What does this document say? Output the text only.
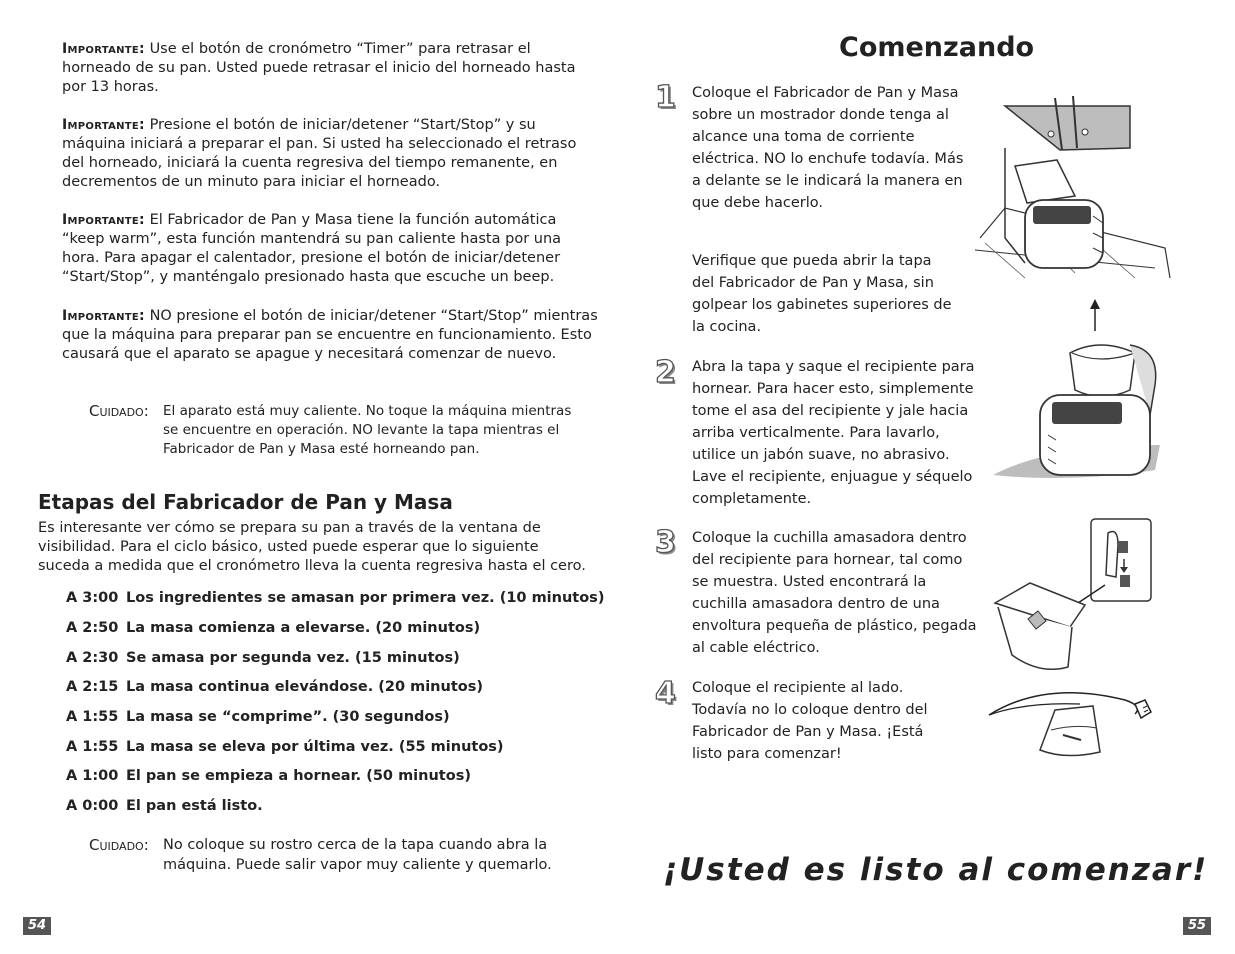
Importante: Use el botón de cronómetro “Timer” para retrasar el horneado de su pan. Usted puede retrasar el inicio del horneado hasta por 13 horas.
Importante: Presione el botón de iniciar/detener “Start/Stop” y su máquina iniciará a preparar el pan. Si usted ha seleccionado el retraso del horneado, iniciará la cuenta regresiva del tiempo remanente, en decrementos de un minuto para iniciar el horneado.
Importante: El Fabricador de Pan y Masa tiene la función automática “keep warm”, esta función mantendrá su pan caliente hasta por una hora. Para apagar el calentador, presione el botón de iniciar/detener “Start/Stop”, y manténgalo presionado hasta que escuche un beep.
Importante: NO presione el botón de iniciar/detener “Start/Stop” mientras que la máquina para preparar pan se encuentre en funcionamiento. Esto causará que el aparato se apague y necesitará comenzar de nuevo.
Cuidado: El aparato está muy caliente. No toque la máquina mientras se encuentre en operación. NO levante la tapa mientras el Fabricador de Pan y Masa esté horneando pan.
Etapas del Fabricador de Pan y Masa
Es interesante ver cómo se prepara su pan a través de la ventana de visibilidad. Para el ciclo básico, usted puede esperar que lo siguiente suceda a medida que el cronómetro lleva la cuenta regresiva hasta el cero.
A 3:00 Los ingredientes se amasan por primera vez. (10 minutos)
A 2:50 La masa comienza a elevarse. (20 minutos)
A 2:30 Se amasa por segunda vez. (15 minutos)
A 2:15 La masa continua elevándose. (20 minutos)
A 1:55 La masa se “comprime”. (30 segundos)
A 1:55 La masa se eleva por última vez. (55 minutos)
A 1:00 El pan se empieza a hornear. (50 minutos)
A 0:00 El pan está listo.
Cuidado: No coloque su rostro cerca de la tapa cuando abra la máquina. Puede salir vapor muy caliente y quemarlo.
54
Comenzando
1 Coloque el Fabricador de Pan y Masa sobre un mostrador donde tenga al alcance una toma de corriente eléctrica. NO lo enchufe todavía. Más a delante se le indicará la manera en que debe hacerlo.
Verifique que pueda abrir la tapa del Fabricador de Pan y Masa, sin golpear los gabinetes superiores de la cocina.
2 Abra la tapa y saque el recipiente para hornear. Para hacer esto, simplemente tome el asa del recipiente y jale hacia arriba verticalmente. Para lavarlo, utilice un jabón suave, no abrasivo. Lave el recipiente, enjuague y séquelo completamente.
3 Coloque la cuchilla amasadora dentro del recipiente para hornear, tal como se muestra. Usted encontrará la cuchilla amasadora dentro de una envoltura pequeña de plástico, pegada al cable eléctrico.
4 Coloque el recipiente al lado. Todavía no lo coloque dentro del Fabricador de Pan y Masa. ¡Está listo para comenzar!
¡Usted es listo al comenzar!
55
